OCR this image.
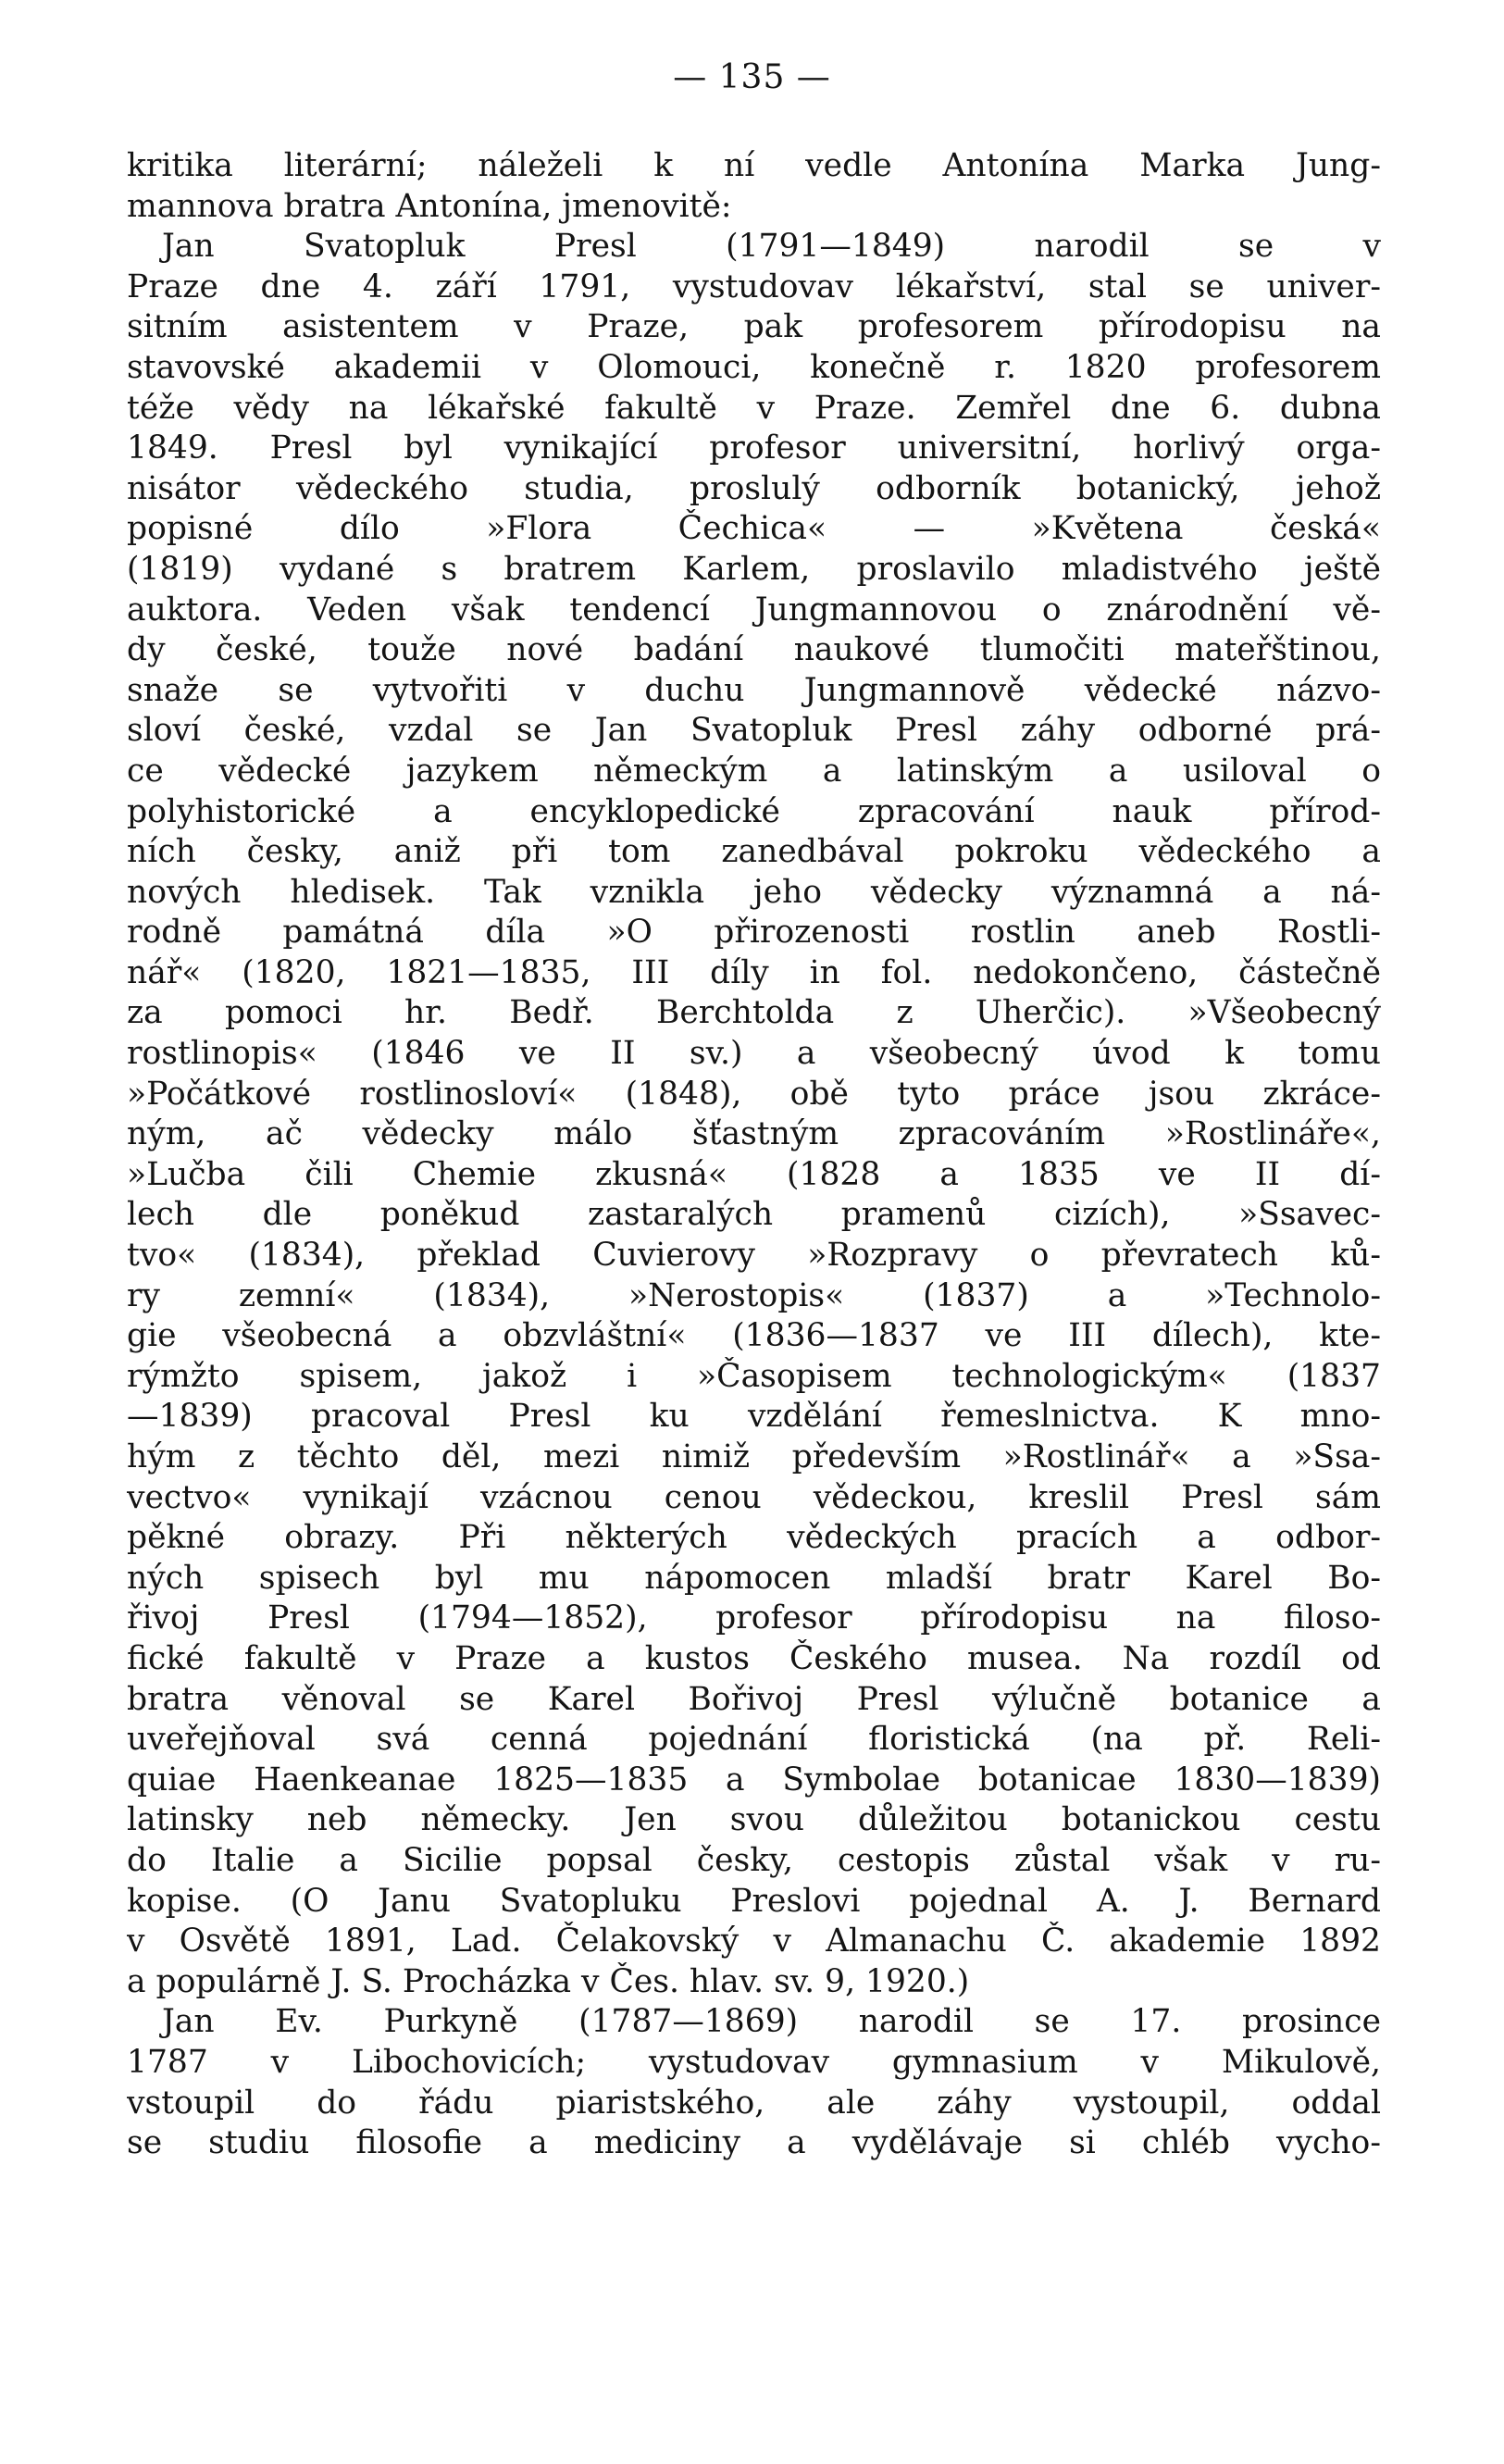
— 135 —
kritika literární; náleželi k ní vedle Antonína Marka Jung-
mannova bratra Antonína, jmenovitě:
Jan Svatopluk Presl (1791—1849) narodil se v
Praze dne 4. září 1791, vystudovav lékařství, stal se univer-
sitním asistentem v Praze, pak profesorem přírodopisu na
stavovské akademii v Olomouci, konečně r. 1820 profesorem
téže vědy na lékařské fakultě v Praze. Zemřel dne 6. dubna
1849. Presl byl vynikající profesor universitní, horlivý orga-
nisátor vědeckého studia, proslulý odborník botanický, jehož
popisné dílo »Flora Čechica« — »Květena česká«
(1819) vydané s bratrem Karlem, proslavilo mladistvého ještě
auktora. Veden však tendencí Jungmannovou o znárodnění vě-
dy české, touže nové badání naukové tlumočiti mateřštinou,
snaže se vytvořiti v duchu Jungmannově vědecké názvo-
sloví české, vzdal se Jan Svatopluk Presl záhy odborné prá-
ce vědecké jazykem německým a latinským a usiloval o
polyhistorické a encyklopedické zpracování nauk přírod-
ních česky, aniž při tom zanedbával pokroku vědeckého a
nových hledisek. Tak vznikla jeho vědecky významná a ná-
rodně památná díla »O přirozenosti rostlin aneb Rostli-
nář« (1820, 1821—1835, III díly in fol. nedokončeno, částečně
za pomoci hr. Bedř. Berchtolda z Uherčic). »Všeobecný
rostlinopis« (1846 ve II sv.) a všeobecný úvod k tomu
»Počátkové rostlinosloví« (1848), obě tyto práce jsou zkráce-
ným, ač vědecky málo šťastným zpracováním »Rostlináře«,
»Lučba čili Chemie zkusná« (1828 a 1835 ve II dí-
lech dle poněkud zastaralých pramenů cizích), »Ssavec-
tvo« (1834), překlad Cuvierovy »Rozpravy o převratech ků-
ry zemní« (1834), »Nerostopis« (1837) a »Technolo-
gie všeobecná a obzvláštní« (1836—1837 ve III dílech), kte-
rýmžto spisem, jakož i »Časopisem technologickým« (1837
—1839) pracoval Presl ku vzdělání řemeslnictva. K mno-
hým z těchto děl, mezi nimiž především »Rostlinář« a »Ssa-
vectvo« vynikají vzácnou cenou vědeckou, kreslil Presl sám
pěkné obrazy. Při některých vědeckých pracích a odbor-
ných spisech byl mu nápomocen mladší bratr Karel Bo-
řivoj Presl (1794—1852), profesor přírodopisu na filoso-
fické fakultě v Praze a kustos Českého musea. Na rozdíl od
bratra věnoval se Karel Bořivoj Presl výlučně botanice a
uveřejňoval svá cenná pojednání floristická (na př. Reli-
quiae Haenkeanae 1825—1835 a Symbolae botanicae 1830—1839)
latinsky neb německy. Jen svou důležitou botanickou cestu
do Italie a Sicilie popsal česky, cestopis zůstal však v ru-
kopise. (O Janu Svatopluku Preslovi pojednal A. J. Bernard
v Osvětě 1891, Lad. Čelakovský v Almanachu Č. akademie 1892
a populárně J. S. Procházka v Čes. hlav. sv. 9, 1920.)
Jan Ev. Purkyně (1787—1869) narodil se 17. prosince
1787 v Libochovicích; vystudovav gymnasium v Mikulově,
vstoupil do řádu piaristského, ale záhy vystoupil, oddal
se studiu filosofie a mediciny a vydělávaje si chléb vycho-
